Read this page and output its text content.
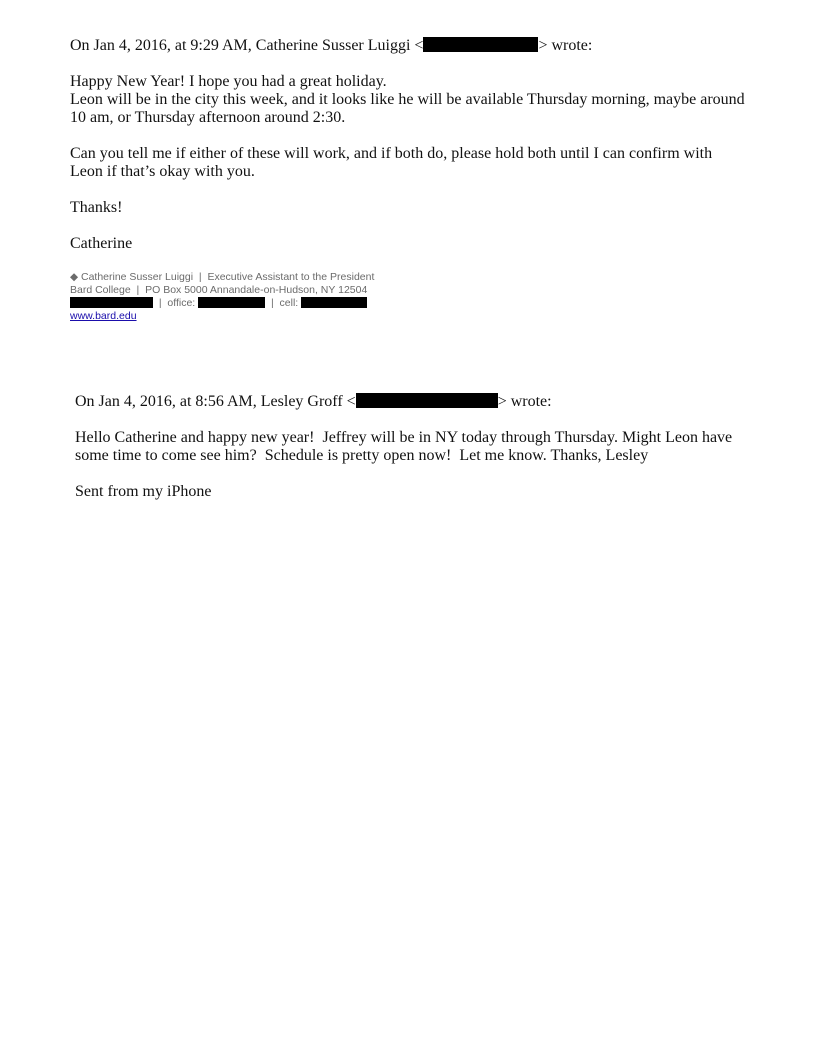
On Jan 4, 2016, at 9:29 AM, Catherine Susser Luiggi <	> wrote:
Happy New Year! I hope you had a great holiday.
Leon will be in the city this week, and it looks like he will be available Thursday morning, maybe around
10 am, or Thursday afternoon around 2:30.
Can you tell me if either of these will work, and if both do, please hold both until I can confirm with
Leon if that’s okay with you.
Thanks!
Catherine
◆ Catherine Susser Luiggi  |  Executive Assistant to the President
Bard College  |  PO Box 5000 Annandale-on-Hudson, NY 12504
|  office:	|  cell:
www.bard.edu
On Jan 4, 2016, at 8:56 AM, Lesley Groff <	> wrote:
Hello Catherine and happy new year!  Jeffrey will be in NY today through Thursday. Might Leon have
some time to come see him?  Schedule is pretty open now!  Let me know. Thanks, Lesley
Sent from my iPhone
